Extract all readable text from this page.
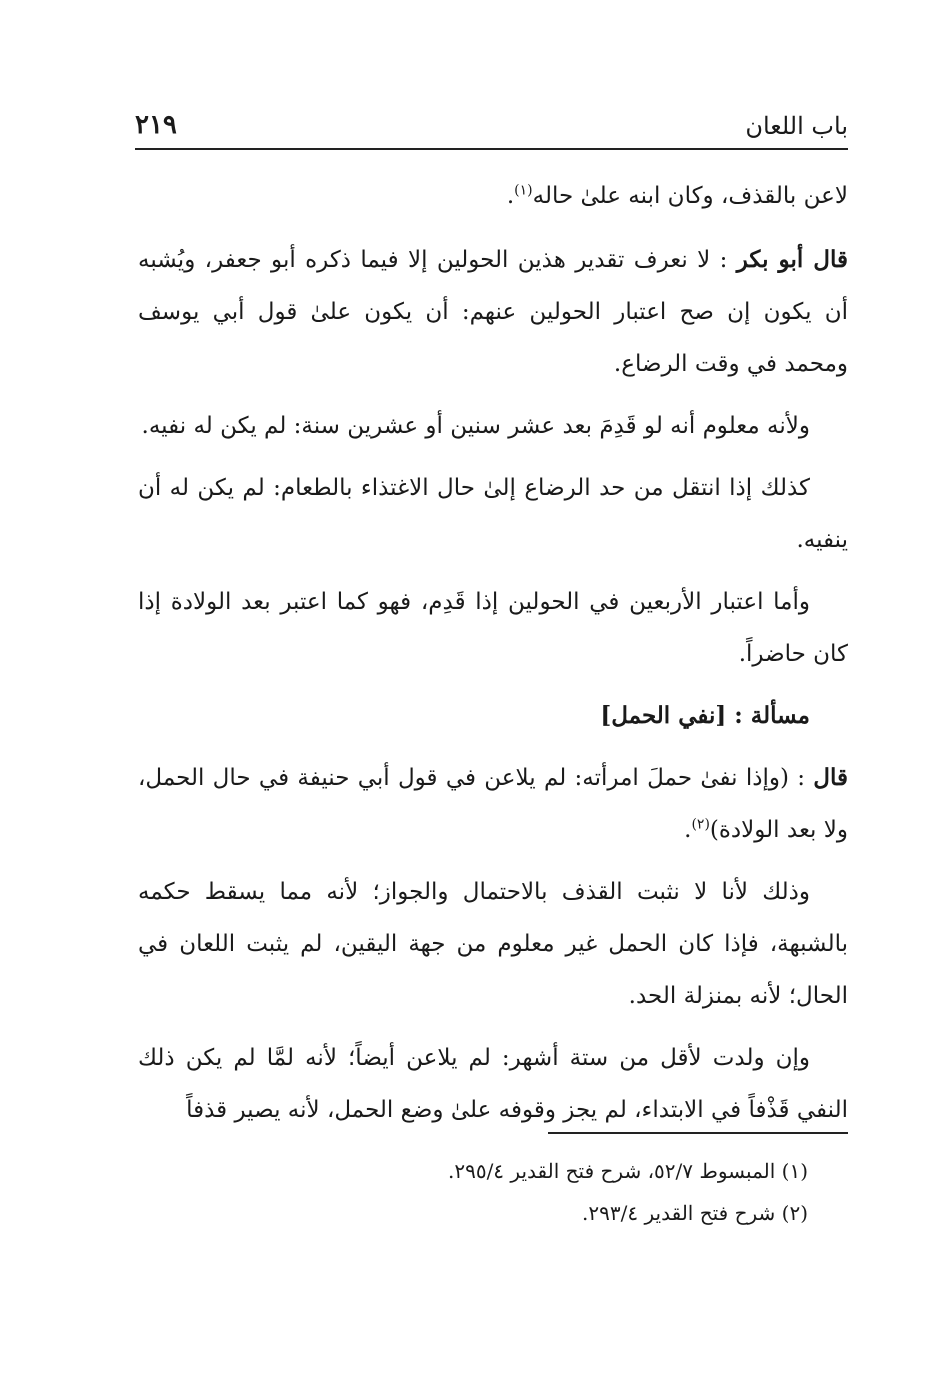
باب اللعان
٢١٩

لاعن بالقذف، وكان ابنه علىٰ حاله$^{(١)}$.

قال أبو بكر : لا نعرف تقدير هذين الحولين إلا فيما ذكره أبو جعفر، ويُشبه أن يكون إن صح اعتبار الحولين عنهم: أن يكون علىٰ قول أبي يوسف ومحمد في وقت الرضاع.

ولأنه معلوم أنه لو قَدِمَ بعد عشر سنين أو عشرين سنة: لم يكن له نفيه.

كذلك إذا انتقل من حد الرضاع إلىٰ حال الاغتذاء بالطعام: لم يكن له أن ينفيه.

وأما اعتبار الأربعين في الحولين إذا قَدِم، فهو كما اعتبر بعد الولادة إذا كان حاضراً.

مسألة : [نفي الحمل]

قال : (وإذا نفىٰ حملَ امرأته: لم يلاعن في قول أبي حنيفة في حال الحمل، ولا بعد الولادة)$^{(٢)}$.

وذلك لأنا لا نثبت القذف بالاحتمال والجواز؛ لأنه مما يسقط حكمه بالشبهة، فإذا كان الحمل غير معلوم من جهة اليقين، لم يثبت اللعان في الحال؛ لأنه بمنزلة الحد.

وإن ولدت لأقل من ستة أشهر: لم يلاعن أيضاً؛ لأنه لمَّا لم يكن ذلك النفي قَذْفاً في الابتداء، لم يجز وقوفه علىٰ وضع الحمل، لأنه يصير قذفاً

(١) المبسوط ٥٢/٧، شرح فتح القدير ٢٩٥/٤.
(٢) شرح فتح القدير ٢٩٣/٤.
